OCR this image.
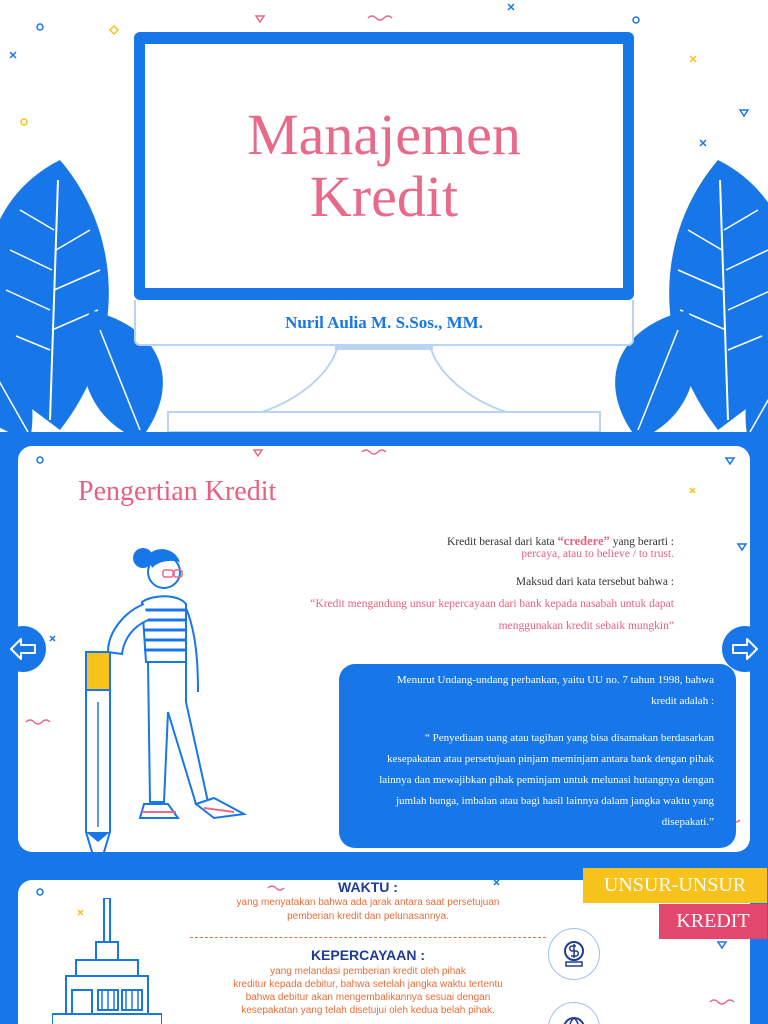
Manajemen
Kredit
Nuril Aulia M. S.Sos., MM.
Pengertian Kredit
Kredit berasal dari kata “credere” yang berarti :
percaya, atau to believe / to trust.
Maksud dari kata tersebut bahwa :
“Kredit mengandung unsur kepercayaan dari bank kepada nasabah untuk dapat
menggunakan kredit sebaik mungkin”

Menurut Undang-undang perbankan, yaitu UU no. 7 tahun 1998, bahwa

kredit adalah :

“ Penyediaan uang atau tagihan yang bisa disamakan berdasarkan

kesepakatan atau persetujuan pinjam meminjam antara bank dengan pihak

lainnya dan mewajibkan pihak peminjam untuk melunasi hutangnya dengan

jumlah bunga, imbalan atau bagi hasil lainnya dalam jangka waktu yang

disepakati.”

WAKTU :
yang menyatakan bahwa ada jarak antara saat persetujuan
pemberian kredit dan pelunasannya.
KEPERCAYAAN :
yang melandasi pemberian kredit oleh pihak
kreditur kepada debitur, bahwa setelah jangka waktu tertentu
bahwa debitur akan mengembalikannya sesuai dengan
kesepakatan yang telah disetujui oleh kedua belah pihak.
UNSUR-UNSUR
KREDIT
